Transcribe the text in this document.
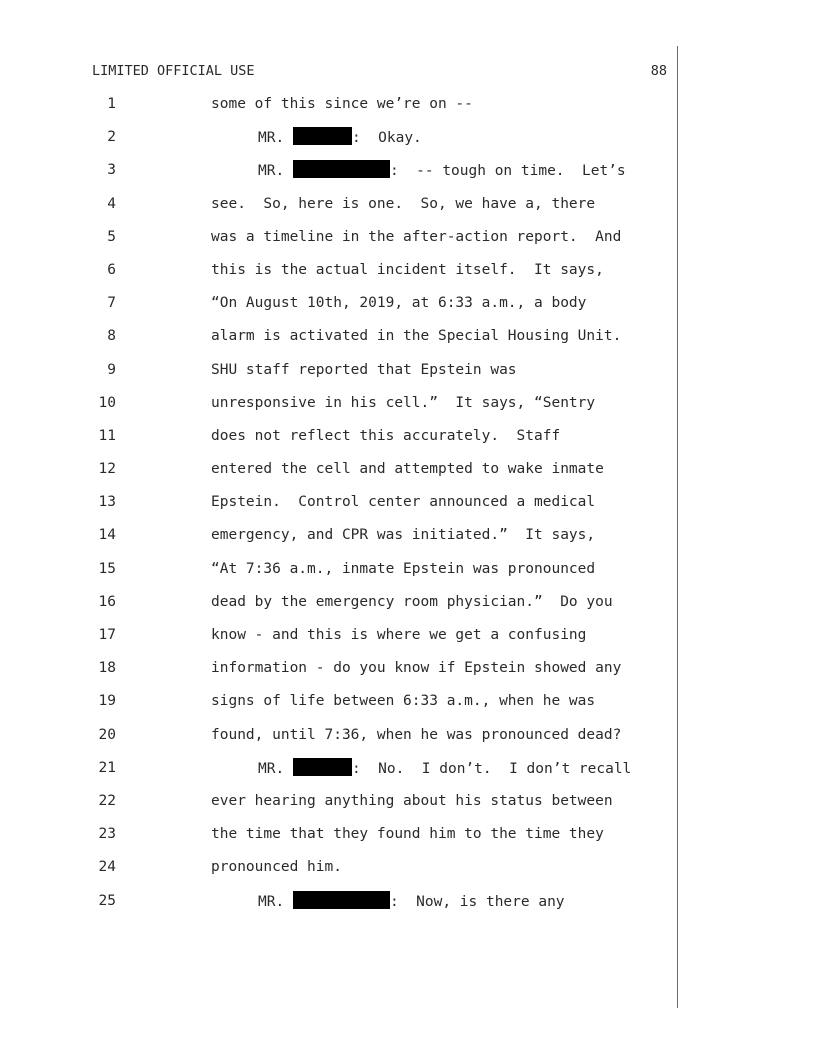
LIMITED OFFICIAL USE	88
1	some of this since we’re on --
2	MR.	:  Okay.
3	MR.	:  -- tough on time.  Let’s
4	see.  So, here is one.  So, we have a, there
5	was a timeline in the after-action report.  And
6	this is the actual incident itself.  It says,
7	“On August 10th, 2019, at 6:33 a.m., a body
8	alarm is activated in the Special Housing Unit.
9	SHU staff reported that Epstein was
10	unresponsive in his cell.”  It says, “Sentry
11	does not reflect this accurately.  Staff
12	entered the cell and attempted to wake inmate
13	Epstein.  Control center announced a medical
14	emergency, and CPR was initiated.”  It says,
15	“At 7:36 a.m., inmate Epstein was pronounced
16	dead by the emergency room physician.”  Do you
17	know - and this is where we get a confusing
18	information - do you know if Epstein showed any
19	signs of life between 6:33 a.m., when he was
20	found, until 7:36, when he was pronounced dead?
21	MR.	:  No.  I don’t.  I don’t recall
22	ever hearing anything about his status between
23	the time that they found him to the time they
24	pronounced him.
25	MR.	:  Now, is there any
